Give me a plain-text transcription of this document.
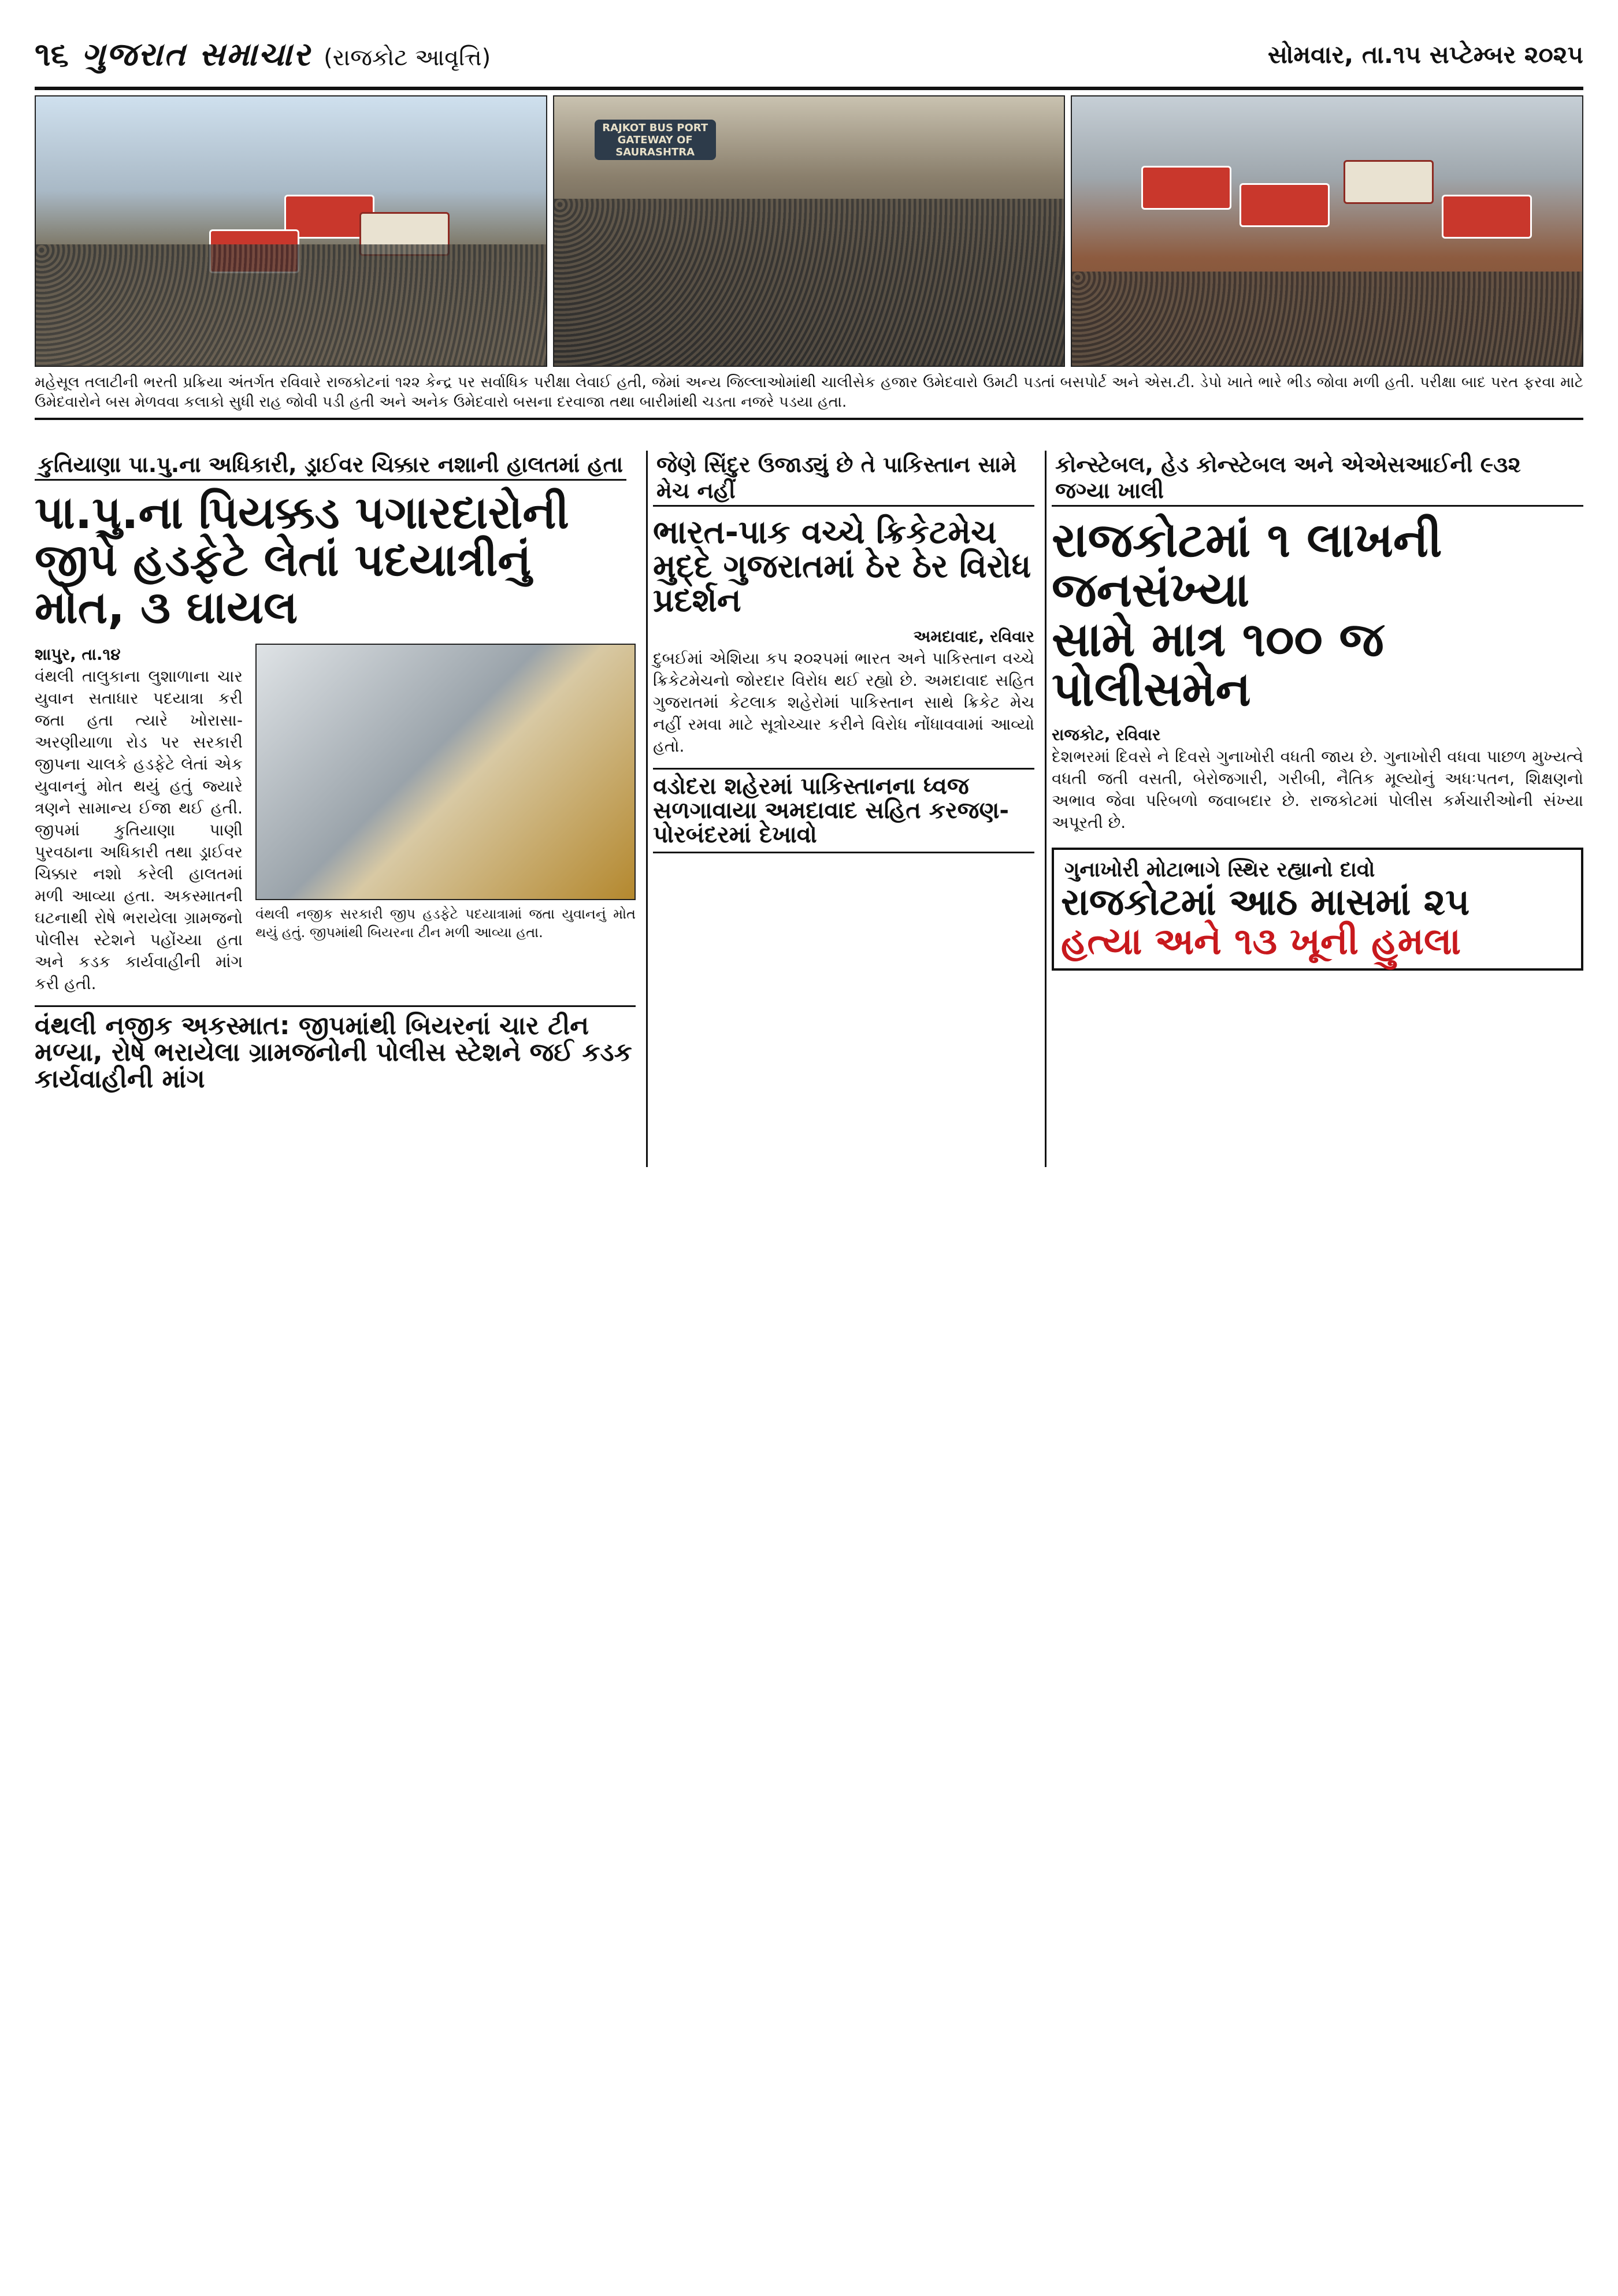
૧૬ ગુજરાત સમાચાર (રાજકોટ આવૃત્તિ)	સોમવાર, તા.૧૫ સપ્ટેમ્બર ૨૦૨૫
RAJKOT BUS PORT GATEWAY OF SAURASHTRA
મહેસૂલ તલાટીની ભરતી પ્રક્રિયા અંતર્ગત રવિવારે રાજકોટનાં ૧૨૨ કેન્દ્ર પર સર્વાધિક પરીક્ષા લેવાઈ હતી, જેમાં અન્ય જિલ્લાઓમાંથી ચાલીસેક હજાર ઉમેદવારો ઉમટી પડતાં બસપોર્ટ અને એસ.ટી. ડેપો ખાતે ભારે ભીડ જોવા મળી હતી. પરીક્ષા બાદ પરત ફરવા માટે ઉમેદવારોને બસ મેળવવા કલાકો સુધી રાહ જોવી પડી હતી અને અનેક ઉમેદવારો બસના દરવાજા તથા બારીમાંથી ચડતા નજરે પડયા હતા.
કુતિયાણા પા.પુ.ના અધિકારી, ડ્રાઈવર ચિક્કાર નશાની હાલતમાં હતા
પા.પુ.ના પિયક્કડ પગારદારોની જીપે હડફેટે લેતાં પદયાત્રીનું મોત, ૩ ઘાયલ
શાપુર, તા.૧૪
વંથલી તાલુકાના લુશાળાના ચાર યુવાન સતાધાર પદયાત્રા કરી જતા હતા ત્યારે ખોરાસા-અરણીયાળા રોડ પર સરકારી જીપના ચાલકે હડફેટે લેતાં એક યુવાનનું મોત થયું હતું જ્યારે ત્રણને સામાન્ય ઈજા થઈ હતી. જીપમાં કુતિયાણા પાણી પુરવઠાના અધિકારી તથા ડ્રાઈવર ચિક્કાર નશો કરેલી હાલતમાં મળી આવ્યા હતા. અકસ્માતની ઘટનાથી રોષે ભરાયેલા ગ્રામજનો પોલીસ સ્ટેશને પહોંચ્યા હતા અને કડક કાર્યવાહીની માંગ કરી હતી.
વંથલી નજીક સરકારી જીપ હડફેટે પદયાત્રામાં જતા યુવાનનું મોત થયું હતું. જીપમાંથી બિયરના ટીન મળી આવ્યા હતા.
વંથલી નજીક અકસ્માત: જીપમાંથી બિયરનાં ચાર ટીન મળ્યા, રોષે ભરાયેલા ગ્રામજનોની પોલીસ સ્ટેશને જઈ કડક કાર્યવાહીની માંગ
જેણે સિંદુર ઉજાડ્યું છે તે પાકિસ્તાન સામે મેચ નહીં
ભારત-પાક વચ્ચે ક્રિકેટમેચ મુદ્દે ગુજરાતમાં ઠેર ઠેર વિરોધ પ્રદર્શન
અમદાવાદ, રવિવાર
દુબઈમાં એશિયા કપ ૨૦૨૫માં ભારત અને પાકિસ્તાન વચ્ચે ક્રિકેટમેચનો જોરદાર વિરોધ થઈ રહ્યો છે. અમદાવાદ સહિત ગુજરાતમાં કેટલાક શહેરોમાં પાકિસ્તાન સાથે ક્રિકેટ મેચ નહીં રમવા માટે સૂત્રોચ્ચાર કરીને વિરોધ નોંધાવવામાં આવ્યો હતો.
વડોદરા શહેરમાં પાકિસ્તાનના ધ્વજ સળગાવાયા અમદાવાદ સહિત કરજણ-પોરબંદરમાં દેખાવો
કોન્સ્ટેબલ, હેડ કોન્સ્ટેબલ અને એએસઆઈની ૯૩૨ જગ્યા ખાલી
રાજકોટમાં ૧ લાખની જનસંખ્યા
સામે માત્ર ૧૦૦ જ પોલીસમેન
રાજકોટ, રવિવાર
દેશભરમાં દિવસે ને દિવસે ગુનાખોરી વધતી જાય છે. ગુનાખોરી વધવા પાછળ મુખ્યત્વે વધતી જતી વસતી, બેરોજગારી, ગરીબી, નૈતિક મૂલ્યોનું અધઃપતન, શિક્ષણનો અભાવ જેવા પરિબળો જવાબદાર છે. રાજકોટમાં પોલીસ કર્મચારીઓની સંખ્યા અપૂરતી છે.
ગુનાખોરી મોટાભાગે સ્થિર રહ્યાનો દાવો
રાજકોટમાં આઠ માસમાં ૨૫
હત્યા અને ૧૩ ખૂની હુમલા
